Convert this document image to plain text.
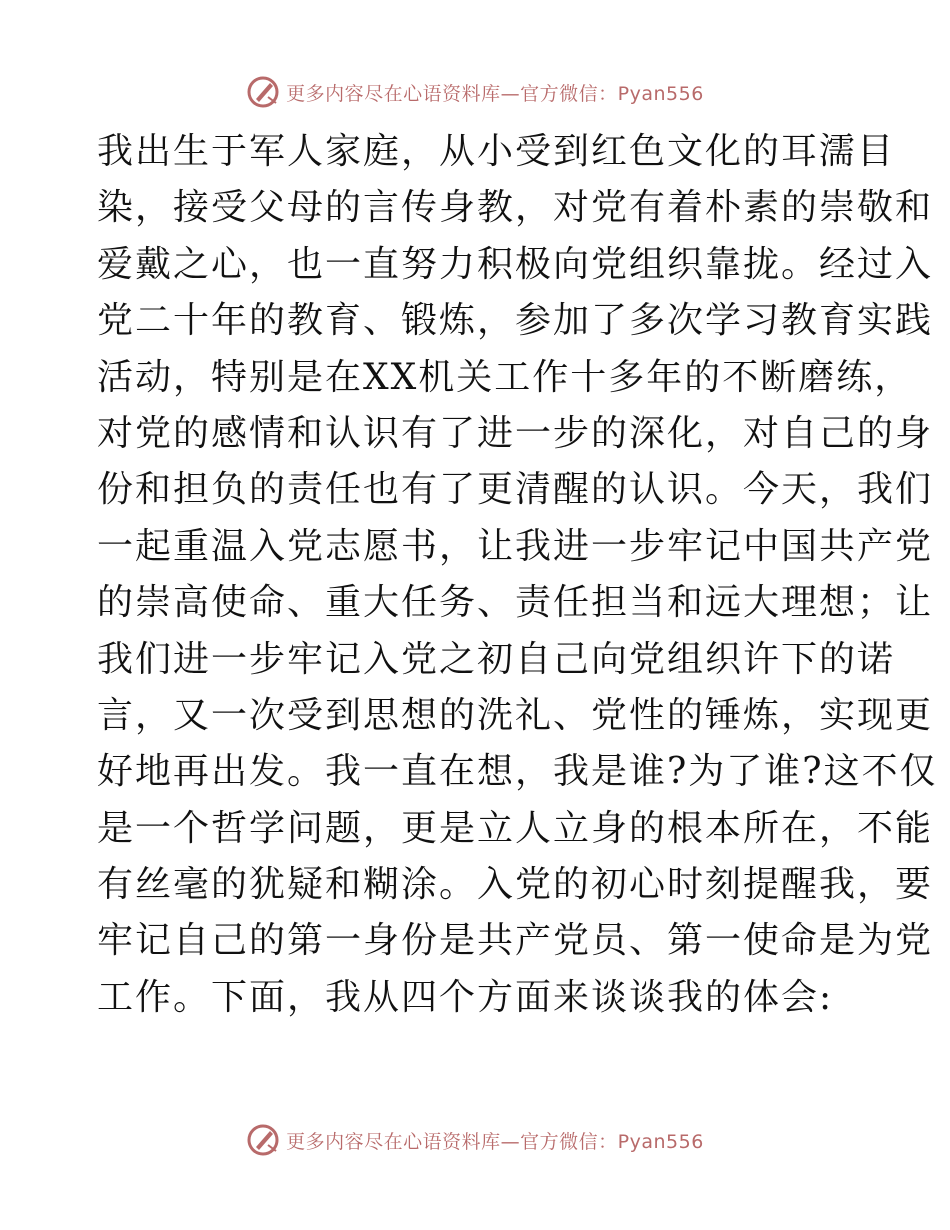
更多内容尽在心语资料库—官方微信：Pyan556
我出生于军人家庭，从小受到红色文化的耳濡目
染，接受父母的言传身教，对党有着朴素的崇敬和
爱戴之心，也一直努力积极向党组织靠拢。经过入
党二十年的教育、锻炼，参加了多次学习教育实践
活动，特别是在XX机关工作十多年的不断磨练，
对党的感情和认识有了进一步的深化，对自己的身
份和担负的责任也有了更清醒的认识。今天，我们
一起重温入党志愿书，让我进一步牢记中国共产党
的崇高使命、重大任务、责任担当和远大理想；让
我们进一步牢记入党之初自己向党组织许下的诺
言，又一次受到思想的洗礼、党性的锤炼，实现更
好地再出发。我一直在想，我是谁?为了谁?这不仅
是一个哲学问题，更是立人立身的根本所在，不能
有丝毫的犹疑和糊涂。入党的初心时刻提醒我，要
牢记自己的第一身份是共产党员、第一使命是为党
工作。下面，我从四个方面来谈谈我的体会:
更多内容尽在心语资料库—官方微信：Pyan556
